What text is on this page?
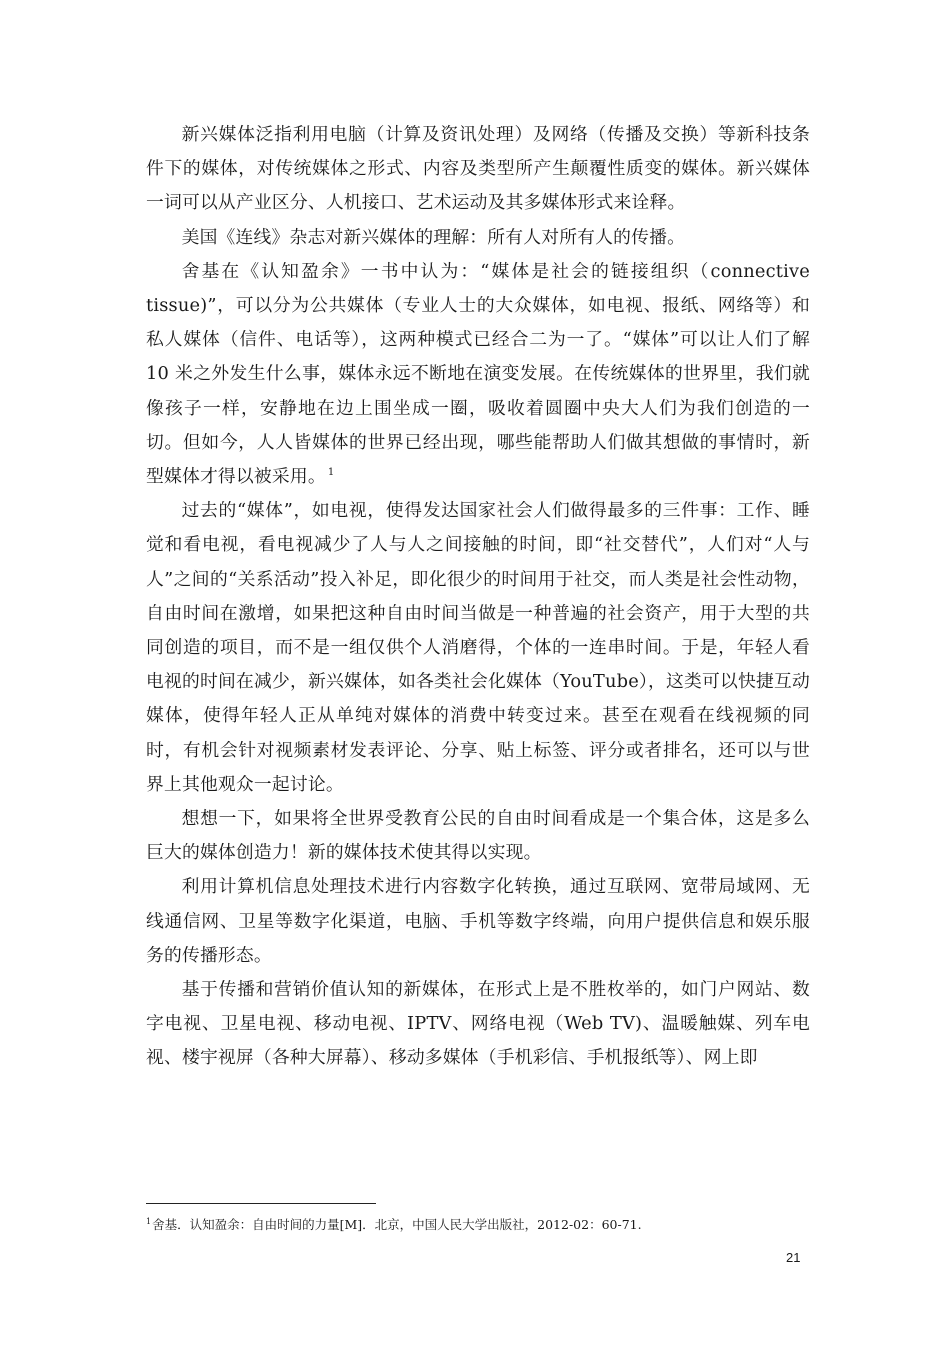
新兴媒体泛指利用电脑（计算及资讯处理）及网络（传播及交换）等新科技条件下的媒体，对传统媒体之形式、内容及类型所产生颠覆性质变的媒体。新兴媒体一词可以从产业区分、人机接口、艺术运动及其多媒体形式来诠释。

美国《连线》杂志对新兴媒体的理解：所有人对所有人的传播。

舍基在《认知盈余》一书中认为：“媒体是社会的链接组织（connective tissue)”，可以分为公共媒体（专业人士的大众媒体，如电视、报纸、网络等）和私人媒体（信件、电话等），这两种模式已经合二为一了。“媒体”可以让人们了解 10 米之外发生什么事，媒体永远不断地在演变发展。在传统媒体的世界里，我们就像孩子一样，安静地在边上围坐成一圈，吸收着圆圈中央大人们为我们创造的一切。但如今，人人皆媒体的世界已经出现，哪些能帮助人们做其想做的事情时，新型媒体才得以被采用。 $^1$

过去的“媒体”，如电视，使得发达国家社会人们做得最多的三件事：工作、睡觉和看电视，看电视减少了人与人之间接触的时间，即“社交替代”，人们对“人与人”之间的“关系活动”投入补足，即化很少的时间用于社交，而人类是社会性动物，自由时间在激增，如果把这种自由时间当做是一种普遍的社会资产，用于大型的共同创造的项目，而不是一组仅供个人消磨得，个体的一连串时间。于是，年轻人看电视的时间在减少，新兴媒体，如各类社会化媒体（YouTube），这类可以快捷互动媒体，使得年轻人正从单纯对媒体的消费中转变过来。甚至在观看在线视频的同时，有机会针对视频素材发表评论、分享、贴上标签、评分或者排名，还可以与世界上其他观众一起讨论。

想想一下，如果将全世界受教育公民的自由时间看成是一个集合体，这是多么巨大的媒体创造力！新的媒体技术使其得以实现。

利用计算机信息处理技术进行内容数字化转换，通过互联网、宽带局域网、无线通信网、卫星等数字化渠道，电脑、手机等数字终端，向用户提供信息和娱乐服务的传播形态。

基于传播和营销价值认知的新媒体，在形式上是不胜枚举的，如门户网站、数字电视、卫星电视、移动电视、IPTV、网络电视（Web TV)、温暖触媒、列车电视、楼宇视屏（各种大屏幕）、移动多媒体（手机彩信、手机报纸等）、网上即

$^1$舍基．认知盈余：自由时间的力量[M]．北京，中国人民大学出版社，2012-02：60-71.
21
